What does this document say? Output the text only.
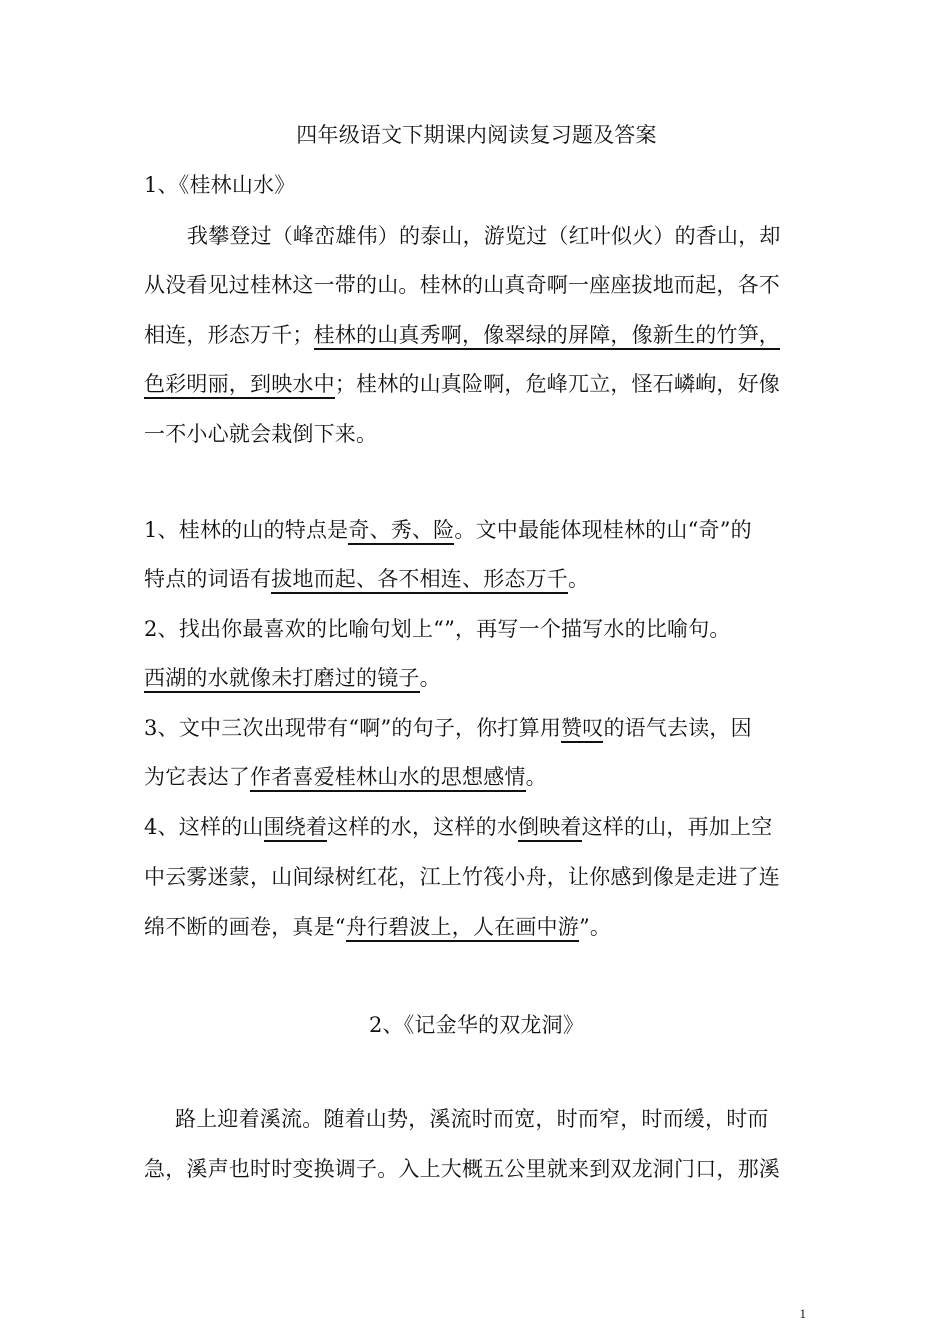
四年级语文下期课内阅读复习题及答案
1、《桂林山水》
我攀登过（峰峦雄伟）的泰山，游览过（红叶似火）的香山，却
从没看见过桂林这一带的山。桂林的山真奇啊一座座拔地而起，各不
相连，形态万千；桂林的山真秀啊，像翠绿的屏障，像新生的竹笋，
色彩明丽，到映水中；桂林的山真险啊，危峰兀立，怪石嶙峋，好像
一不小心就会栽倒下来。
1、桂林的山的特点是奇、秀、险。文中最能体现桂林的山“奇”的
特点的词语有拔地而起、各不相连、形态万千。
2、找出你最喜欢的比喻句划上“”，再写一个描写水的比喻句。
西湖的水就像未打磨过的镜子。
3、文中三次出现带有“啊”的句子，你打算用赞叹的语气去读，因
为它表达了作者喜爱桂林山水的思想感情。
4、这样的山围绕着这样的水，这样的水倒映着这样的山，再加上空
中云雾迷蒙，山间绿树红花，江上竹筏小舟，让你感到像是走进了连
绵不断的画卷，真是“舟行碧波上，人在画中游”。
2、《记金华的双龙洞》
路上迎着溪流。随着山势，溪流时而宽，时而窄，时而缓，时而
急，溪声也时时变换调子。入上大概五公里就来到双龙洞门口，那溪
1
